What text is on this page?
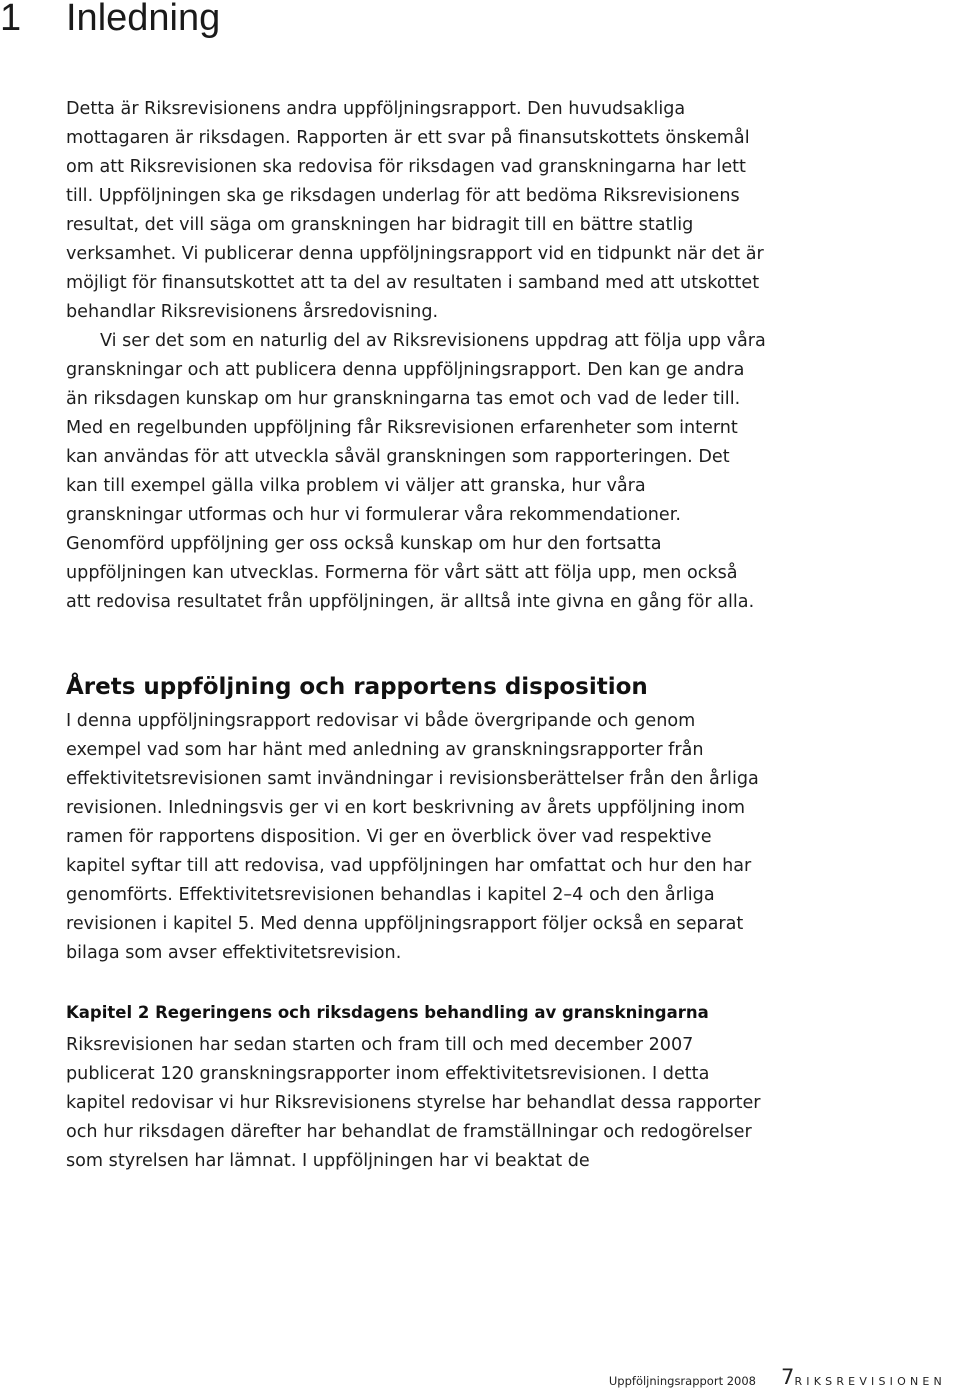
1 Inledning

Detta är Riksrevisionens andra uppföljningsrapport. Den huvudsakliga mottagaren är riksdagen. Rapporten är ett svar på finansutskottets önskemål om att Riksrevisionen ska redovisa för riksdagen vad granskningarna har lett till. Uppföljningen ska ge riksdagen underlag för att bedöma Riksrevisionens resultat, det vill säga om granskningen har bidragit till en bättre statlig verksamhet. Vi publicerar denna uppföljningsrapport vid en tidpunkt när det är möjligt för finansutskottet att ta del av resultaten i samband med att utskottet behandlar Riksrevisionens årsredovisning.

Vi ser det som en naturlig del av Riksrevisionens uppdrag att följa upp våra granskningar och att publicera denna uppföljningsrapport. Den kan ge andra än riksdagen kunskap om hur granskningarna tas emot och vad de leder till. Med en regelbunden uppföljning får Riksrevisionen erfarenheter som internt kan användas för att utveckla såväl granskningen som rapporteringen. Det kan till exempel gälla vilka problem vi väljer att granska, hur våra granskningar utformas och hur vi formulerar våra rekommendationer. Genomförd uppföljning ger oss också kunskap om hur den fortsatta uppföljningen kan utvecklas. Formerna för vårt sätt att följa upp, men också att redovisa resultatet från uppföljningen, är alltså inte givna en gång för alla.

Årets uppföljning och rapportens disposition

I denna uppföljningsrapport redovisar vi både övergripande och genom exempel vad som har hänt med anledning av granskningsrapporter från effektivitetsrevisionen samt invändningar i revisionsberättelser från den årliga revisionen. Inledningsvis ger vi en kort beskrivning av årets uppföljning inom ramen för rapportens disposition. Vi ger en överblick över vad respektive kapitel syftar till att redovisa, vad uppföljningen har omfattat och hur den har genomförts. Effektivitetsrevisionen behandlas i kapitel 2–4 och den årliga revisionen i kapitel 5. Med denna uppföljningsrapport följer också en separat bilaga som avser effektivitetsrevision.

Kapitel 2 Regeringens och riksdagens behandling av granskningarna

Riksrevisionen har sedan starten och fram till och med december 2007 publicerat 120 granskningsrapporter inom effektivitetsrevisionen. I detta kapitel redovisar vi hur Riksrevisionens styrelse har behandlat dessa rapporter och hur riksdagen därefter har behandlat de framställningar och redogörelser som styrelsen har lämnat. I uppföljningen har vi beaktat de

Uppföljningsrapport 2008 7 RIKSREVISIONEN
